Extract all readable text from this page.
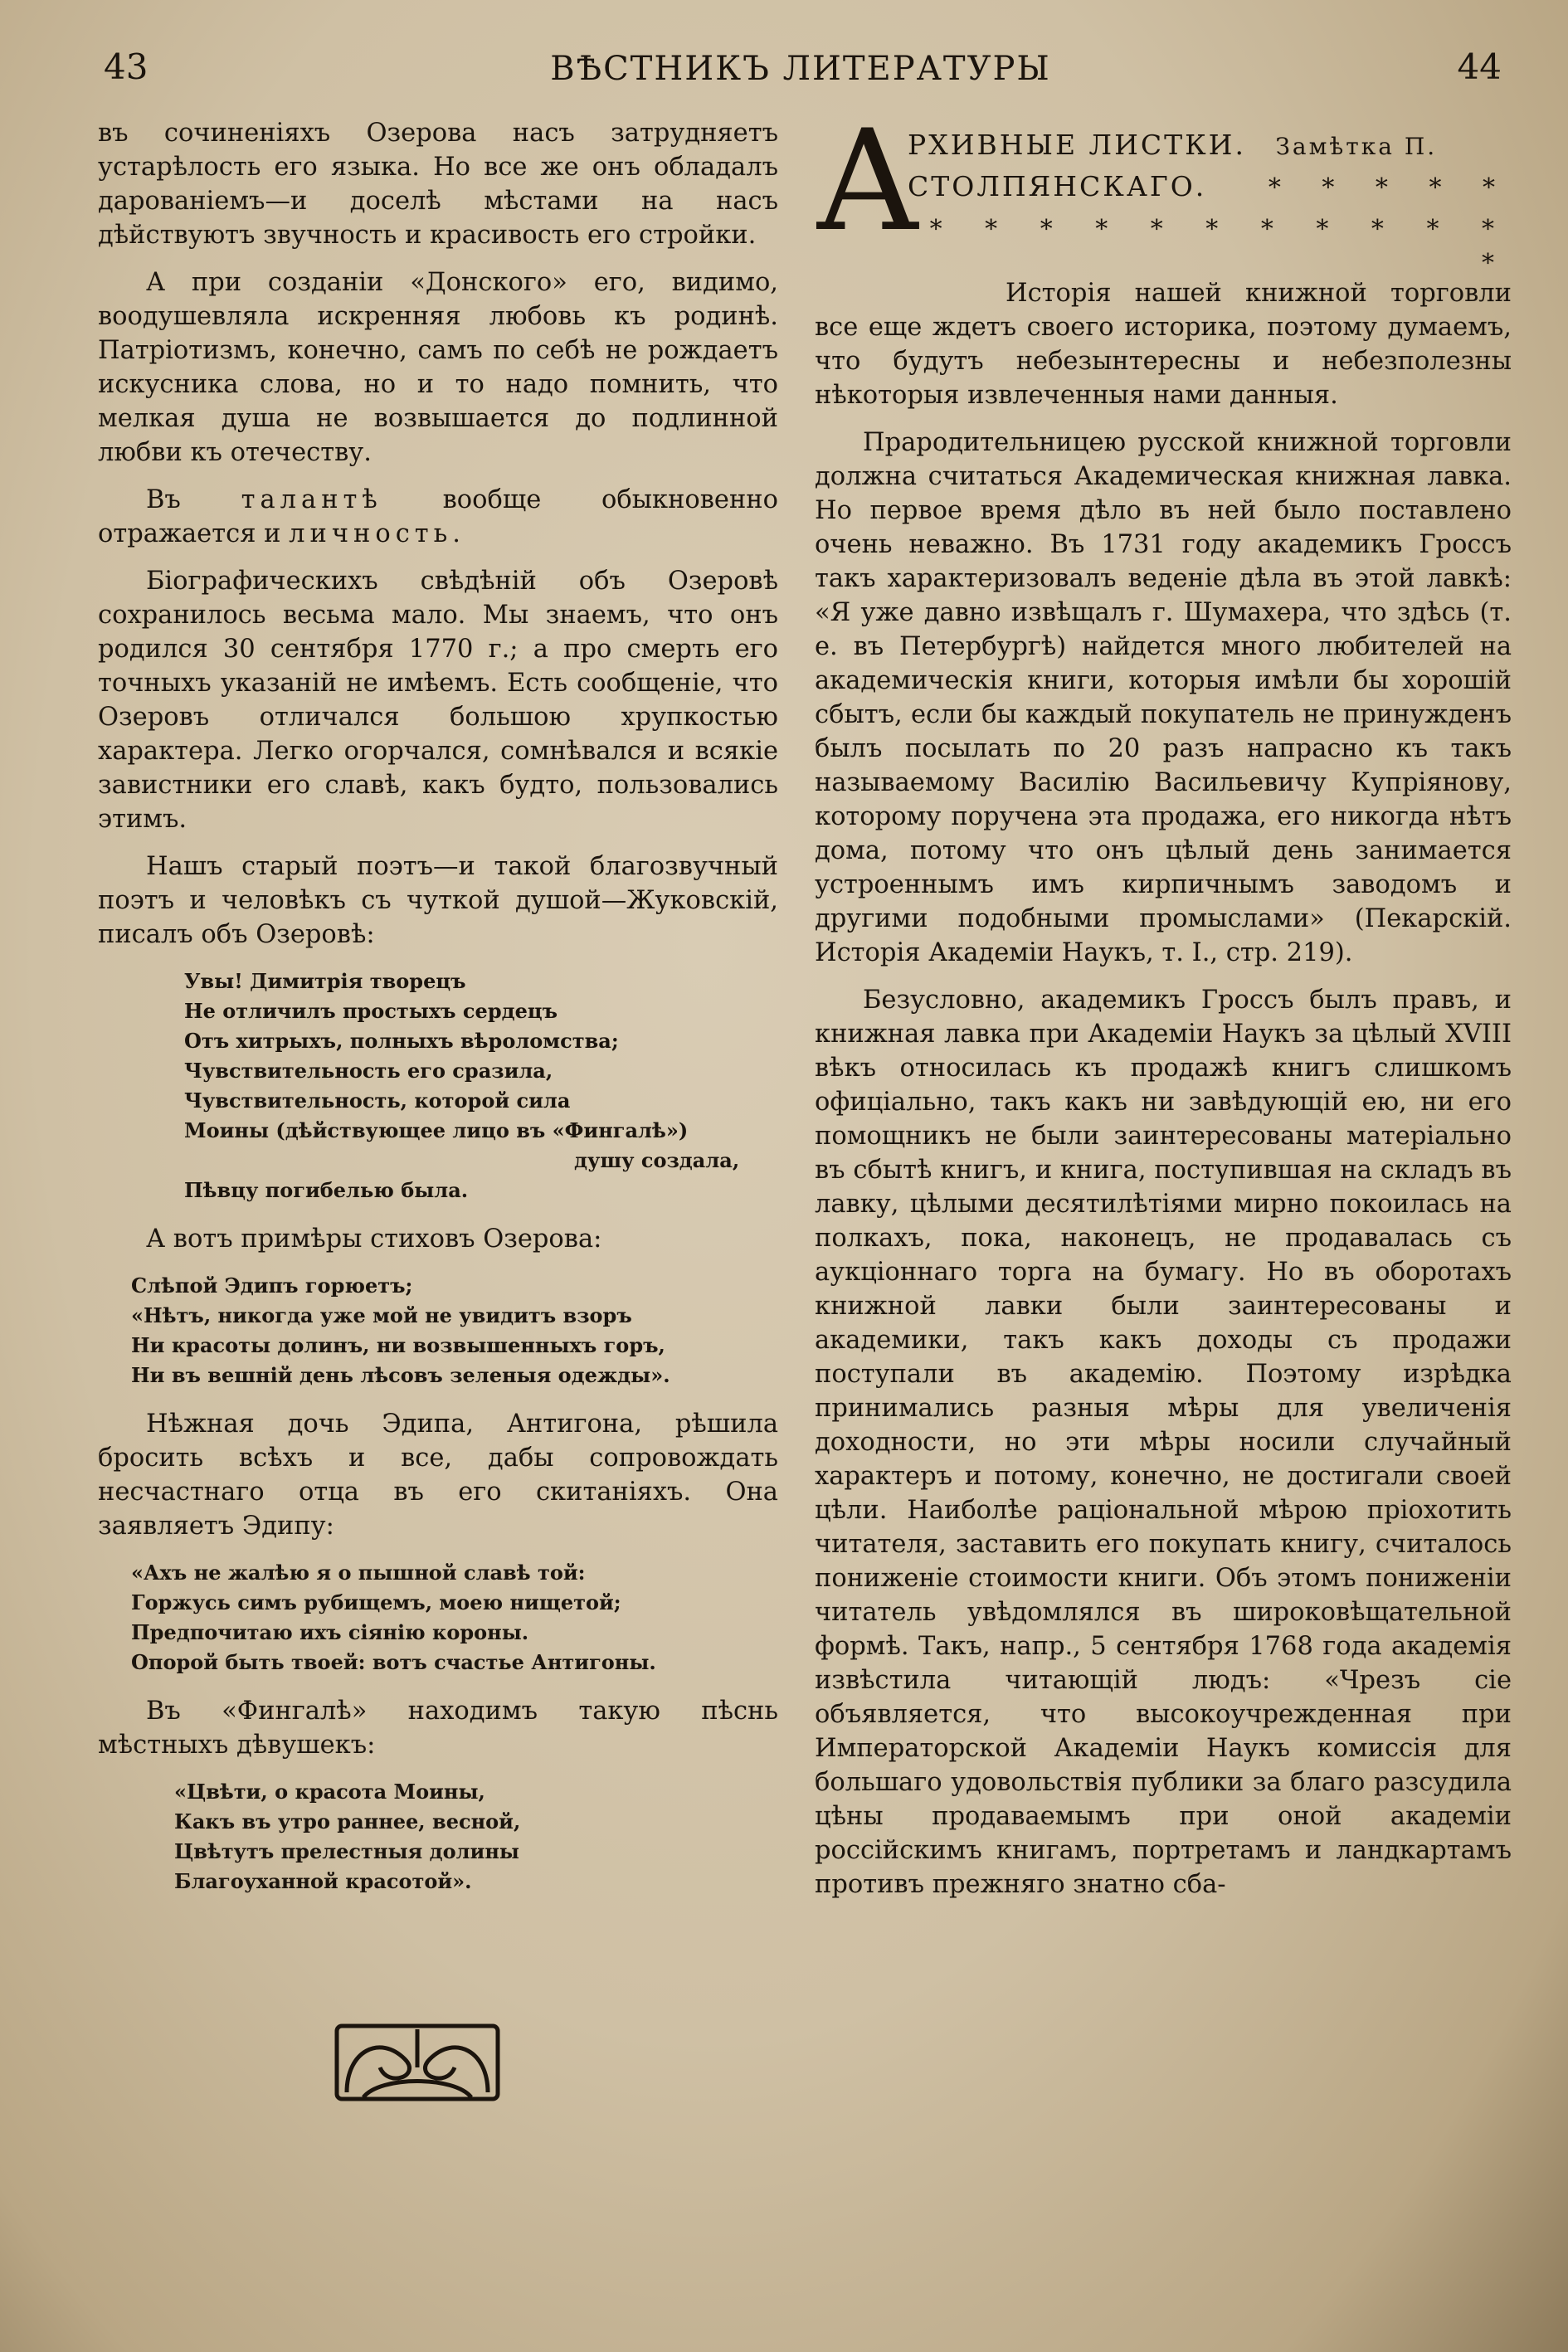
43	ВѢСТНИКЪ ЛИТЕРАТУРЫ	44

въ сочиненіяхъ Озерова насъ затрудняетъ устарѣлость его языка. Но все же онъ обладалъ дарованіемъ—и доселѣ мѣстами на насъ дѣйствуютъ звучность и красивость его стройки.

А при созданіи «Донского» его, видимо, воодушевляла искренняя любовь къ родинѣ. Патріотизмъ, конечно, самъ по себѣ не рождаетъ искусника слова, но и то надо помнить, что мелкая душа не возвышается до подлинной любви къ отечеству.

Въ талантѣ вообще обыкновенно отражается и личность.

Біографическихъ свѣдѣній объ Озеровѣ сохранилось весьма мало. Мы знаемъ, что онъ родился 30 сентября 1770 г.; а про смерть его точныхъ указаній не имѣемъ. Есть сообщеніе, что Озеровъ отличался большою хрупкостью характера. Легко огорчался, сомнѣвался и всякіе завистники его славѣ, какъ будто, пользовались этимъ.

Нашъ старый поэтъ—и такой благозвучный поэтъ и человѣкъ съ чуткой душой—Жуковскій, писалъ объ Озеровѣ:

Увы! Димитрія творецъ
Не отличилъ простыхъ сердецъ
Отъ хитрыхъ, полныхъ вѣроломства;
Чувствительность его сразила,
Чувствительность, которой сила
Моины (дѣйствующее лицо въ «Фингалѣ»)
душу создала,
Пѣвцу погибелью была.

А вотъ примѣры стиховъ Озерова:

Слѣпой Эдипъ горюетъ;
«Нѣтъ, никогда уже мой не увидитъ взоръ
Ни красоты долинъ, ни возвышенныхъ горъ,
Ни въ вешній день лѣсовъ зеленыя одежды».

Нѣжная дочь Эдипа, Антигона, рѣшила бросить всѣхъ и все, дабы сопровождать несчастнаго отца въ его скитаніяхъ. Она заявляетъ Эдипу:

«Ахъ не жалѣю я о пышной славѣ той:
Горжусь симъ рубищемъ, моею нищетой;
Предпочитаю ихъ сіянію короны.
Опорой быть твоей: вотъ счастье Антигоны.

Въ «Фингалѣ» находимъ такую пѣснь мѣстныхъ дѣвушекъ:

«Цвѣти, о красота Моины,
Какъ въ утро раннее, весной,
Цвѣтутъ прелестныя долины
Благоуханной красотой».
А
РХИВНЫЕ ЛИСТКИ. Замѣтка П.
СТОЛПЯНСКАГО.	* * * * *
* * * * * * * * * * * *

Исторія нашей книжной торговли все еще ждетъ своего историка, поэтому думаемъ, что будутъ небезынтересны и небезполезны нѣкоторыя извлеченныя нами данныя.

Прародительницею русской книжной торговли должна считаться Академическая книжная лавка. Но первое время дѣло въ ней было поставлено очень неважно. Въ 1731 году академикъ Гроссъ такъ характеризовалъ веденіе дѣла въ этой лавкѣ: «Я уже давно извѣщалъ г. Шумахера, что здѣсь (т. е. въ Петербургѣ) найдется много любителей на академическія книги, которыя имѣли бы хорошій сбытъ, если бы каждый покупатель не принужденъ былъ посылать по 20 разъ напрасно къ такъ называемому Василію Васильевичу Купріянову, которому поручена эта продажа, его никогда нѣтъ дома, потому что онъ цѣлый день занимается устроеннымъ имъ кирпичнымъ заводомъ и другими подобными промыслами» (Пекарскій. Исторія Академіи Наукъ, т. I., стр. 219).

Безусловно, академикъ Гроссъ былъ правъ, и книжная лавка при Академіи Наукъ за цѣлый XVIII вѣкъ относилась къ продажѣ книгъ слишкомъ офиціально, такъ какъ ни завѣдующій ею, ни его помощникъ не были заинтересованы матеріально въ сбытѣ книгъ, и книга, поступившая на складъ въ лавку, цѣлыми десятилѣтіями мирно покоилась на полкахъ, пока, наконецъ, не продавалась съ аукціоннаго торга на бумагу. Но въ оборотахъ книжной лавки были заинтересованы и академики, такъ какъ доходы съ продажи поступали въ академію. Поэтому изрѣдка принимались разныя мѣры для увеличенія доходности, но эти мѣры носили случайный характеръ и потому, конечно, не достигали своей цѣли. Наиболѣе раціональной мѣрою пріохотить читателя, заставить его покупать книгу, считалось пониженіе стоимости книги. Объ этомъ пониженіи читатель увѣдомлялся въ широковѣщательной формѣ. Такъ, напр., 5 сентября 1768 года академія извѣстила читающій людъ: «Чрезъ сіе объявляется, что высокоучрежденная при Императорской Академіи Наукъ комиссія для большаго удовольствія публики за благо разсудила цѣны продаваемымъ при оной академіи россійскимъ книгамъ, портретамъ и ландкартамъ противъ прежняго знатно сба-
